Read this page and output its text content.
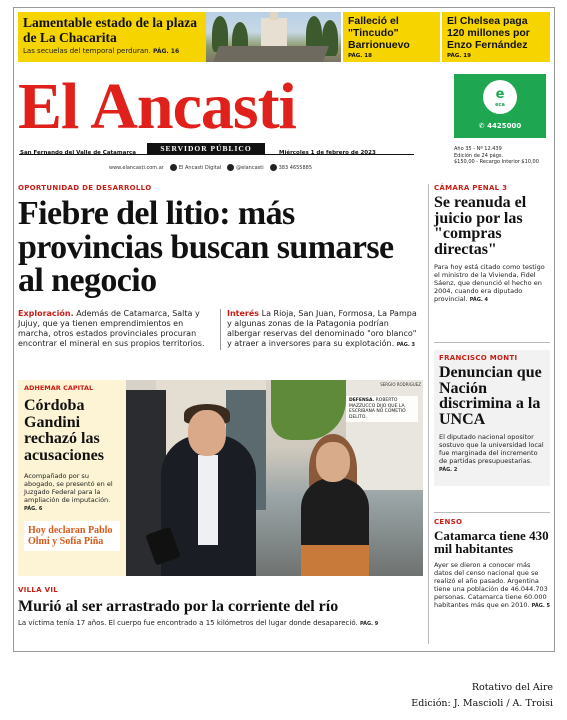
Lamentable estado de la plaza de La Chacarita
Las secuelas del temporal perduran. PÁG. 16
Falleció el "Tincudo" Barrionuevo
PÁG. 18
El Chelsea paga 120 millones por Enzo Fernández
PÁG. 19
El Ancasti
SERVIDOR PÚBLICO
San Fernando del Valle de Catamarca	Miércoles 1 de febrero de 2023
www.elancasti.com.ar	El Ancasti Digital	@elancasti	383 4655885
e
eca
✆ 4425000
Año 35 - Nº 12.439
Edición de 24 págs.
$150,00 - Recargo Interior $10,00
OPORTUNIDAD DE DESARROLLO
Fiebre del litio: más provincias buscan sumarse al negocio
Exploración. Además de Catamarca, Salta y Jujuy, que ya tienen emprendimientos en marcha, otros estados provinciales procuran encontrar el mineral en sus propios territorios.
Interés La Rioja, San Juan, Formosa, La Pampa y algunas zonas de la Patagonia podrían albergar reservas del denominado "oro blanco" y atraer a inversores para su explotación. PÁG. 3
ADHEMAR CAPITAL
Córdoba Gandini rechazó las acusaciones
Acompañado por su abogado, se presentó en el Juzgado Federal para la ampliación de imputación. PÁG. 6
Hoy declaran Pablo Olmi y Sofía Piña
SERGIO RODRIGUEZ
DEFENSA. ROBERTO MAZZUCCO DIJO QUE LA ESCRIBANA NO COMETIÓ DELITO.
VILLA VIL
Murió al ser arrastrado por la corriente del río
La víctima tenía 17 años. El cuerpo fue encontrado a 15 kilómetros del lugar donde desapareció. PÁG. 9
CÁMARA PENAL 3
Se reanuda el juicio por las "compras directas"
Para hoy está citado como testigo el ministro de la Vivienda, Fidel Sáenz, que denunció el hecho en 2004, cuando era diputado provincial. PÁG. 4
FRANCISCO MONTI
Denuncian que Nación discrimina a la UNCA
El diputado nacional opositor sostuvo que la universidad local fue marginada del incremento de partidas presupuestarias. PÁG. 2
CENSO
Catamarca tiene 430 mil habitantes
Ayer se dieron a conocer más datos del censo nacional que se realizó el año pasado. Argentina tiene una población de 46.044.703 personas. Catamarca tiene 60.000 habitantes más que en 2010. PÁG. 5
Rotativo del Aire
Edición: J. Mascioli / A. Troisi
